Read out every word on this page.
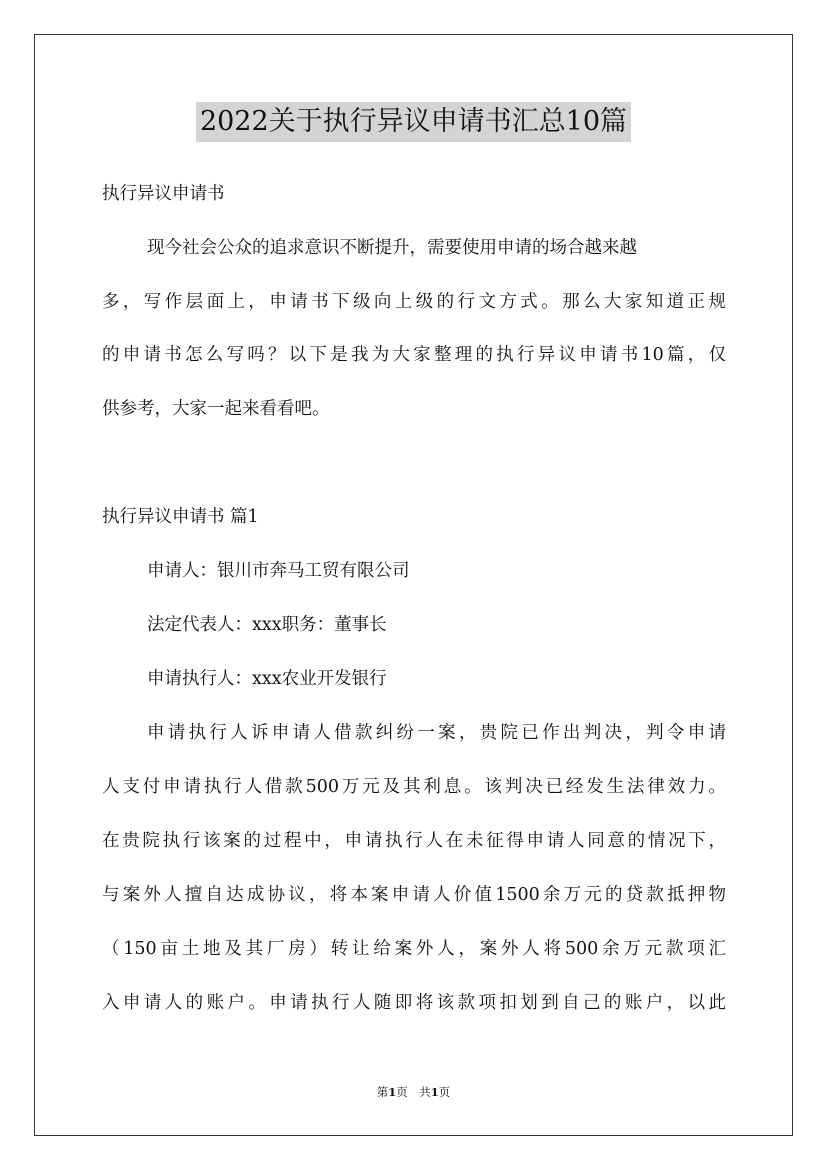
2022关于执行异议申请书汇总10篇
执行异议申请书
现今社会公众的追求意识不断提升，需要使用申请的场合越来越
多，写作层面上，申请书下级向上级的行文方式。那么大家知道正规
的申请书怎么写吗？以下是我为大家整理的执行异议申请书10篇，仅
供参考，大家一起来看看吧。
执行异议申请书 篇1
申请人：银川市奔马工贸有限公司
法定代表人：xxx职务：董事长
申请执行人：xxx农业开发银行
申请执行人诉申请人借款纠纷一案，贵院已作出判决，判令申请
人支付申请执行人借款500万元及其利息。该判决已经发生法律效力。
在贵院执行该案的过程中，申请执行人在未征得申请人同意的情况下，
与案外人擅自达成协议，将本案申请人价值1500余万元的贷款抵押物
（150亩土地及其厂房）转让给案外人，案外人将500余万元款项汇
入申请人的账户。申请执行人随即将该款项扣划到自己的账户，以此
第1页　共1页
